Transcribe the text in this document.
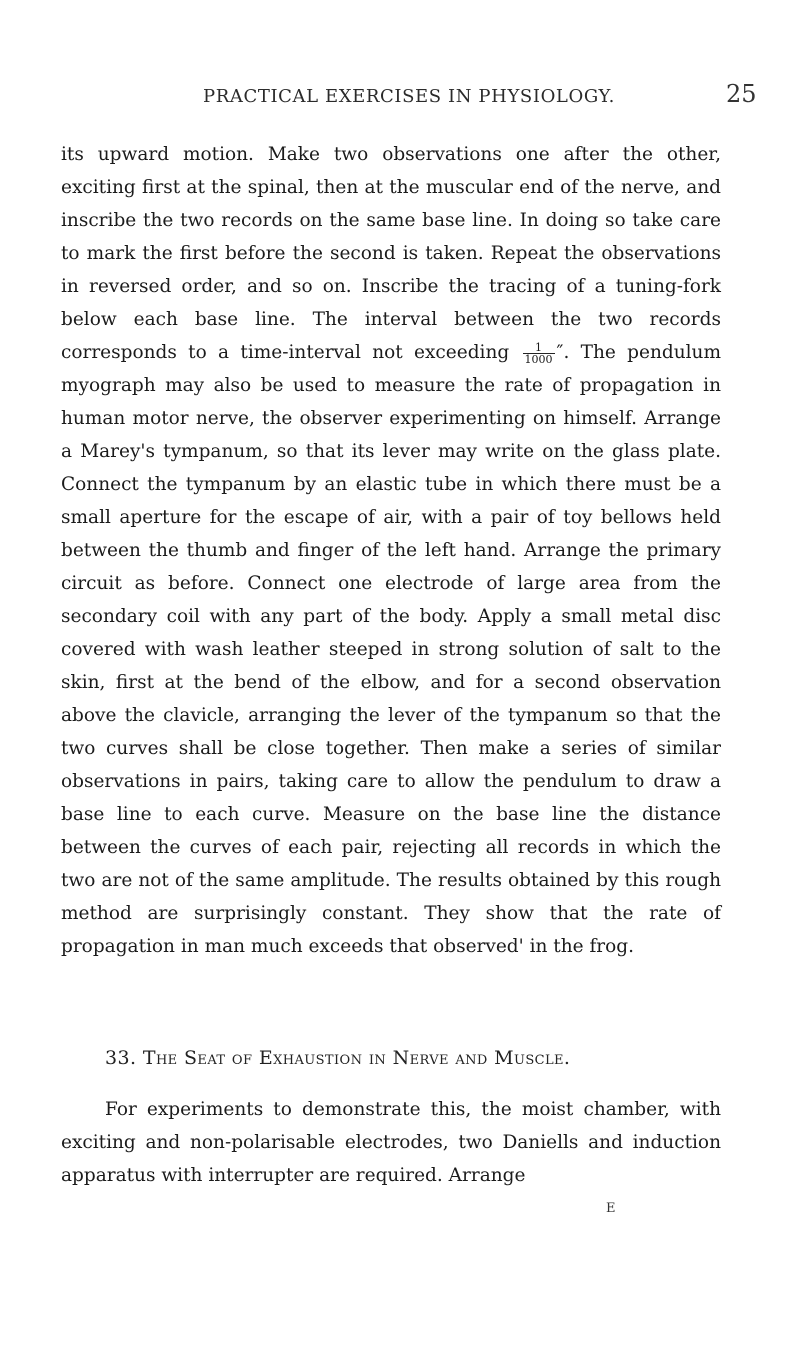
PRACTICAL EXERCISES IN PHYSIOLOGY.	25

its upward motion. Make two observations one after the other, exciting first at the spinal, then at the muscular end of the nerve, and inscribe the two records on the same base line. In doing so take care to mark the first before the second is taken. Repeat the observations in reversed order, and so on. Inscribe the tracing of a tuning-fork below each base line. The interval between the two records corresponds to a time-interval not exceeding $\frac{1}{1000}$ ″. The pendulum myograph may also be used to measure the rate of propagation in human motor nerve, the observer experimenting on himself. Arrange a Marey's tympanum, so that its lever may write on the glass plate. Connect the tympanum by an elastic tube in which there must be a small aperture for the escape of air, with a pair of toy bellows held between the thumb and finger of the left hand. Arrange the primary circuit as before. Connect one electrode of large area from the secondary coil with any part of the body. Apply a small metal disc covered with wash leather steeped in strong solution of salt to the skin, first at the bend of the elbow, and for a second observation above the clavicle, arranging the lever of the tympanum so that the two curves shall be close together. Then make a series of similar observations in pairs, taking care to allow the pendulum to draw a base line to each curve. Measure on the base line the distance between the curves of each pair, rejecting all records in which the two are not of the same amplitude. The results obtained by this rough method are surprisingly constant. They show that the rate of propagation in man much exceeds that observed' in the frog.

33. The Seat of Exhaustion in Nerve and Muscle.
For experiments to demonstrate this, the moist chamber, with exciting and non-polarisable electrodes, two Daniells and induction apparatus with interrupter are required. Arrange
E
